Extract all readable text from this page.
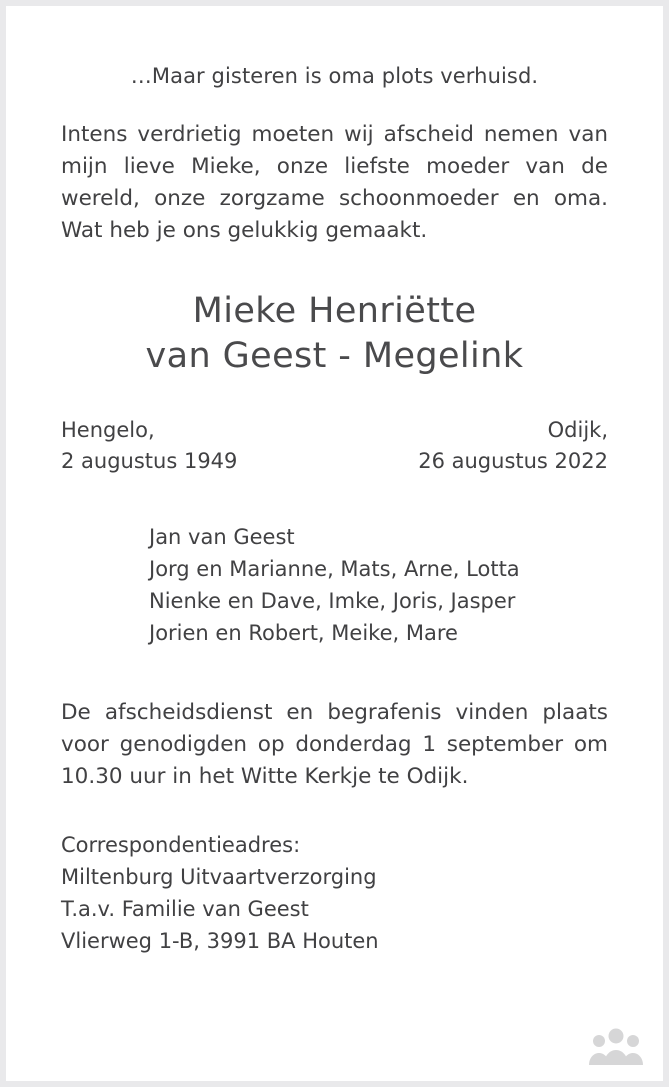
…Maar gisteren is oma plots verhuisd.
Intens verdrietig moeten wij afscheid nemen van mijn lieve Mieke, onze liefste moeder van de wereld, onze zorgzame schoonmoeder en oma. Wat heb je ons gelukkig gemaakt.
Mieke Henriëtte
van Geest - Megelink
Hengelo,
2 augustus 1949
Odijk,
26 augustus 2022
Jan van Geest
Jorg en Marianne, Mats, Arne, Lotta
Nienke en Dave, Imke, Joris, Jasper
Jorien en Robert, Meike, Mare
De afscheidsdienst en begrafenis vinden plaats voor genodigden op donderdag 1 september om 10.30 uur in het Witte Kerkje te Odijk.
Correspondentieadres:
Miltenburg Uitvaartverzorging
T.a.v. Familie van Geest
Vlierweg 1-B, 3991 BA Houten
